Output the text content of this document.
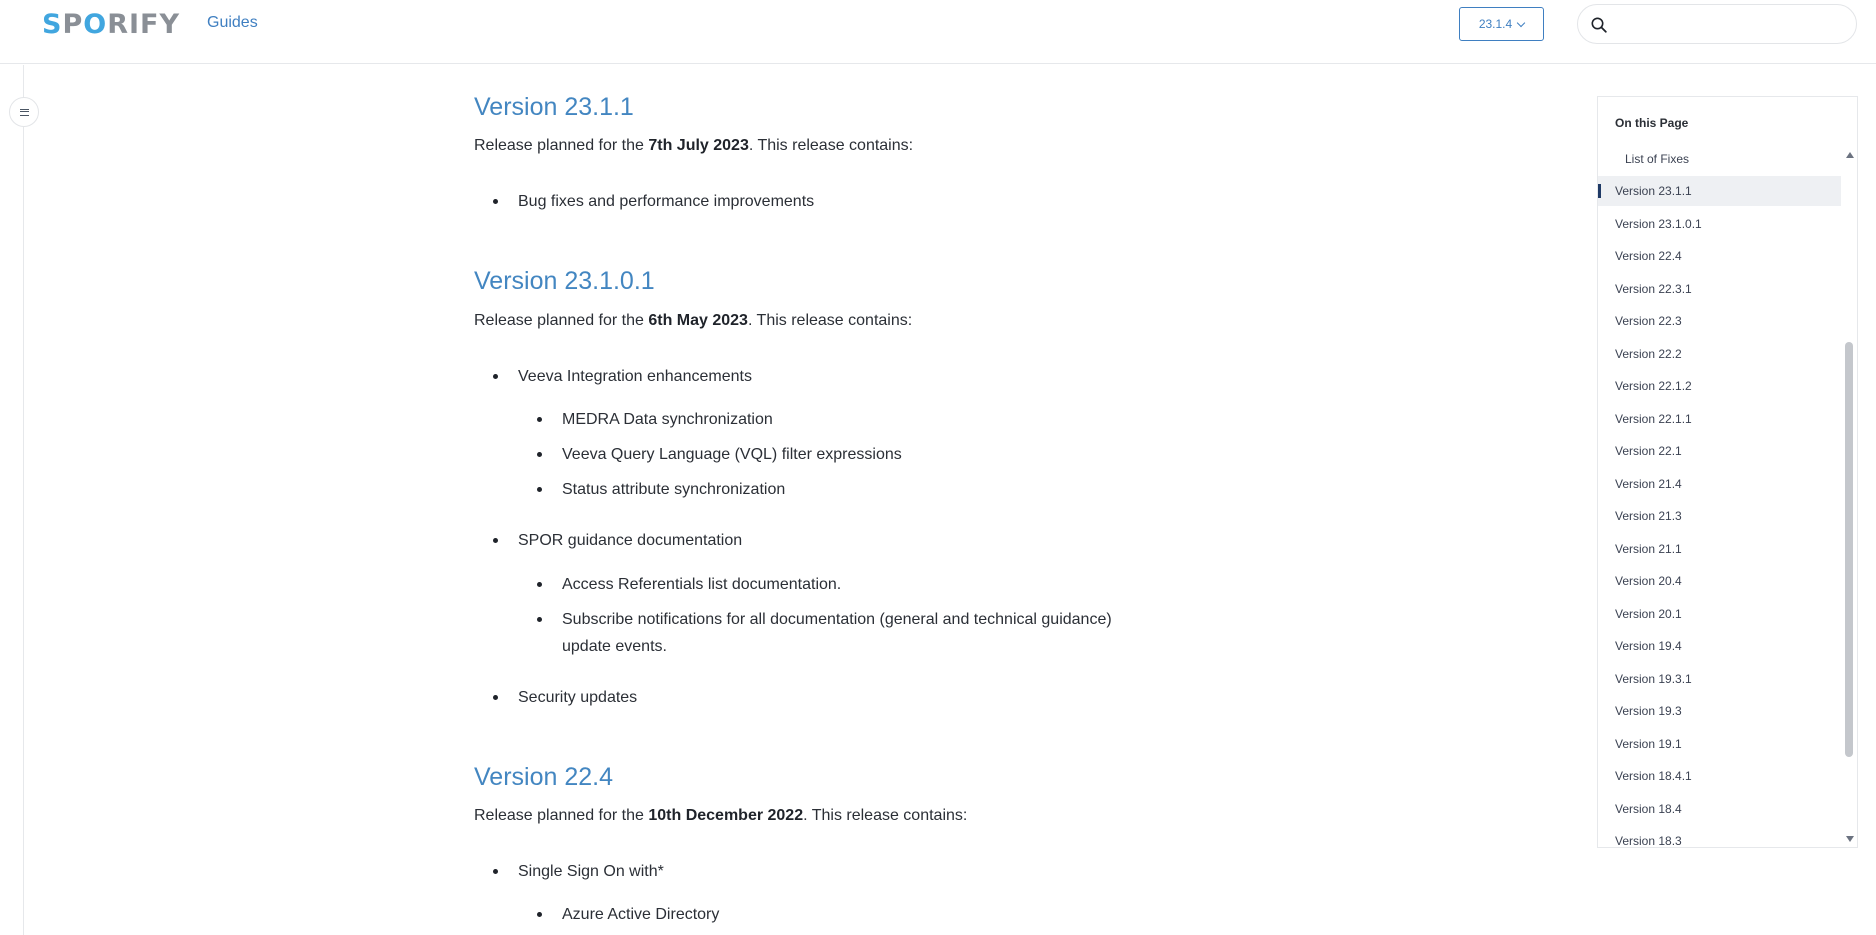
SPORIFY Guides	23.1.4
Version 23.1.1

Release planned for the 7th July 2023. This release contains:

Bug fixes and performance improvements
Version 23.1.0.1

Release planned for the 6th May 2023. This release contains:

Veeva Integration enhancements
MEDRA Data synchronization
Veeva Query Language (VQL) filter expressions
Status attribute synchronization
SPOR guidance documentation
Access Referentials list documentation.
Subscribe notifications for all documentation (general and technical guidance)
update events.
Security updates
Version 22.4

Release planned for the 10th December 2022. This release contains:

Single Sign On with*
Azure Active Directory
On this Page
List of Fixes
Version 23.1.1
Version 23.1.0.1
Version 22.4
Version 22.3.1
Version 22.3
Version 22.2
Version 22.1.2
Version 22.1.1
Version 22.1
Version 21.4
Version 21.3
Version 21.1
Version 20.4
Version 20.1
Version 19.4
Version 19.3.1
Version 19.3
Version 19.1
Version 18.4.1
Version 18.4
Version 18.3
